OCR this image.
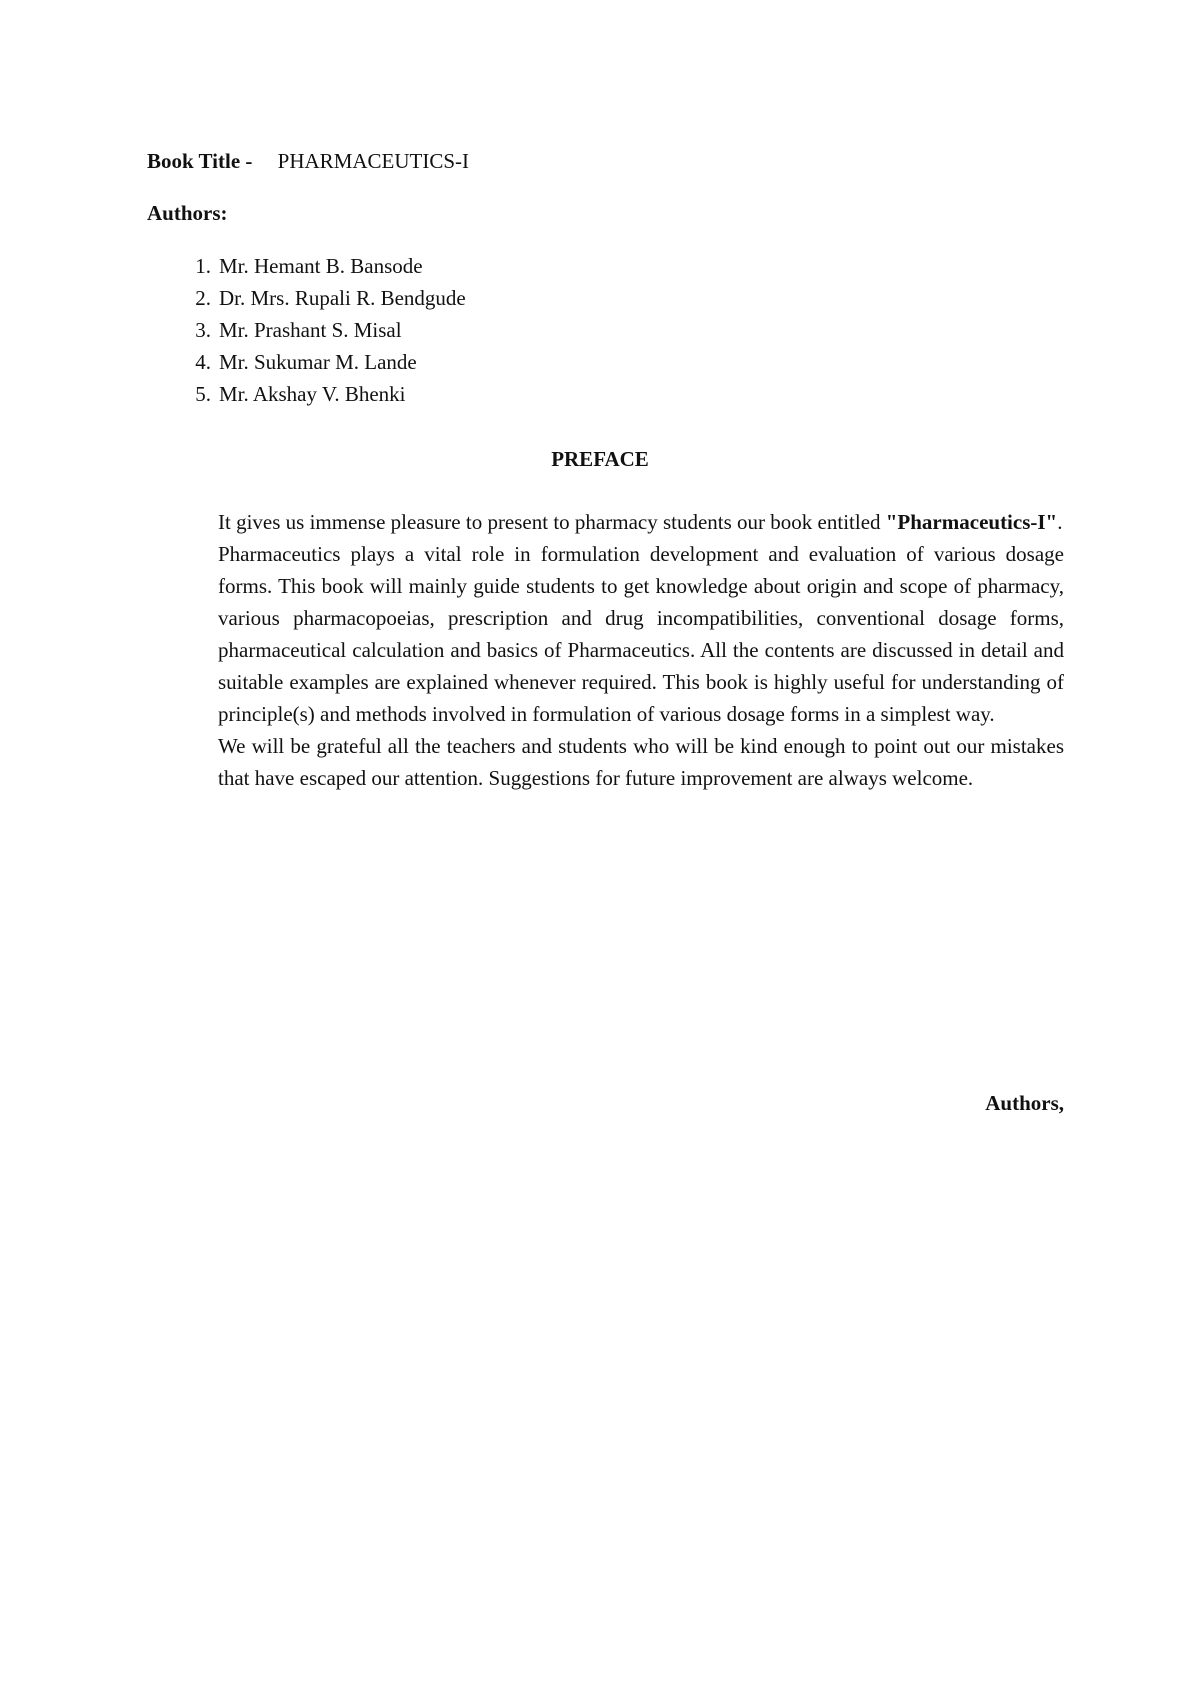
Book Title - PHARMACEUTICS-I
Authors:
1. Mr. Hemant B. Bansode
2. Dr. Mrs. Rupali R. Bendgude
3. Mr. Prashant S. Misal
4. Mr. Sukumar M. Lande
5. Mr. Akshay V. Bhenki
PREFACE

It gives us immense pleasure to present to pharmacy students our book entitled "Pharmaceutics-I".

Pharmaceutics plays a vital role in formulation development and evaluation of various dosage forms. This book will mainly guide students to get knowledge about origin and scope of pharmacy, various pharmacopoeias, prescription and drug incompatibilities, conventional dosage forms, pharmaceutical calculation and basics of Pharmaceutics. All the contents are discussed in detail and suitable examples are explained whenever required. This book is highly useful for understanding of principle(s) and methods involved in formulation of various dosage forms in a simplest way.

We will be grateful all the teachers and students who will be kind enough to point out our mistakes that have escaped our attention. Suggestions for future improvement are always welcome.

Authors,
